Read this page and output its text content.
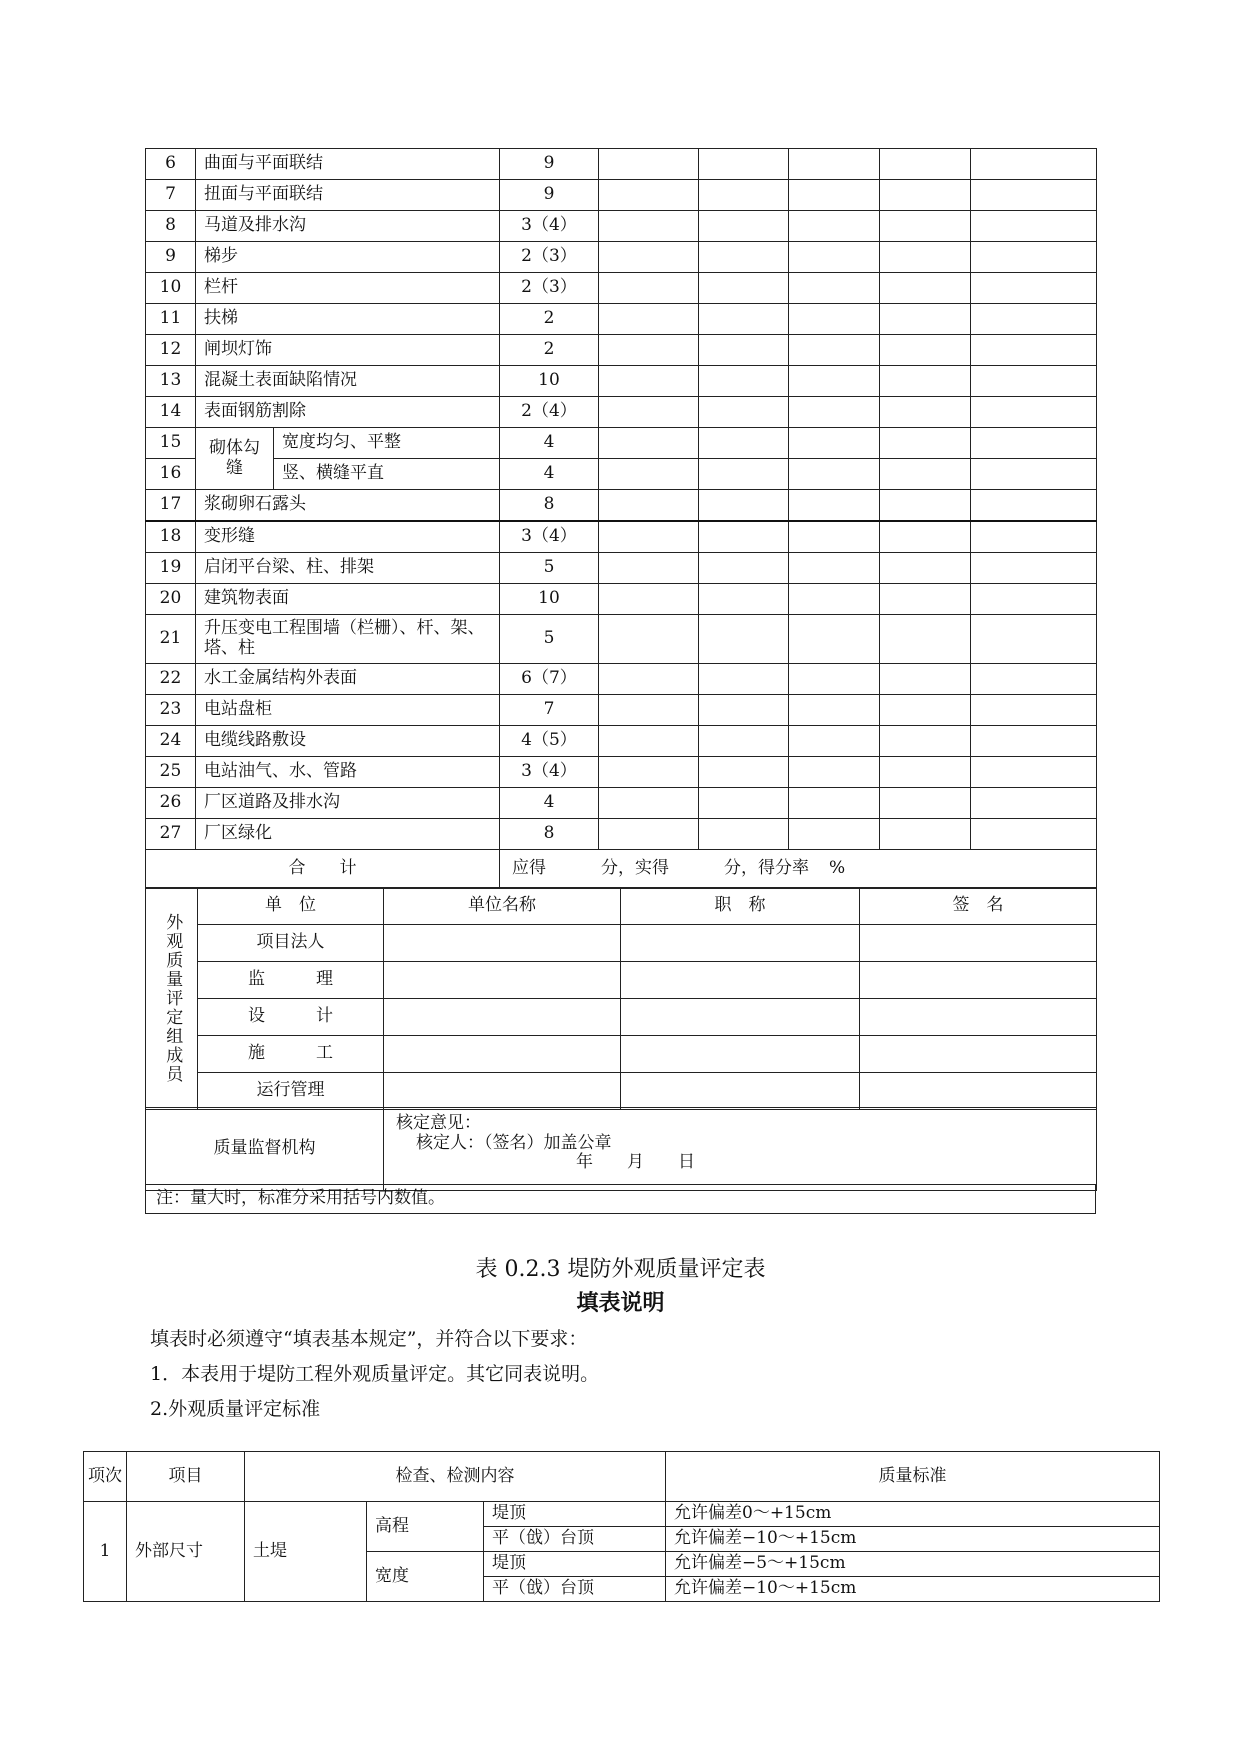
6	曲面与平面联结		9						
7	扭面与平面联结		9						
8	马道及排水沟		3（4）						
9	梯步		2（3）						
10	栏杆		2（3）						
11	扶梯		2						
12	闸坝灯饰		2						
13	混凝土表面缺陷情况		10						
14	表面钢筋割除		2（4）						
15	砌体勾缝	宽度均匀、平整	4						
16		竖、横缝平直	4						
17	浆砌卵石露头		8						
18	变形缝		3（4）						
19	启闭平台梁、柱、排架		5						
20	建筑物表面		10						
21	升压变电工程围墙（栏栅）、杆、架、塔、柱		5						
22	水工金属结构外表面		6（7）						
23	电站盘柜		7						
24	电缆线路敷设		4（5）						
25	电站油气、水、管路		3（4）						
26	厂区道路及排水沟		4						
27	厂区绿化		8						
合　　计			应得 分，实得 分，得分率 %						
外观质量评定组成员	单　位	单位名称	职　称	签　名
	项目法人			
	监　　　理			
	设　　　计			
	施　　　工			
	运行管理			
质量监督机构	
核定意见：
核定人：（签名）加盖公章
年　　月　　日
注：量大时，标准分采用括号内数值。
表 0.2.3 堤防外观质量评定表
填表说明
填表时必须遵守“填表基本规定”，并符合以下要求：
1．本表用于堤防工程外观质量评定。其它同表说明。
2.外观质量评定标准
项次	项目	检查、检测内容			质量标准
1	外部尺寸	土堤	高程	堤顶	允许偏差0～+15cm
				平（戗）台顶	允许偏差−10～+15cm
			宽度	堤顶	允许偏差−5～+15cm
				平（戗）台顶	允许偏差−10～+15cm
